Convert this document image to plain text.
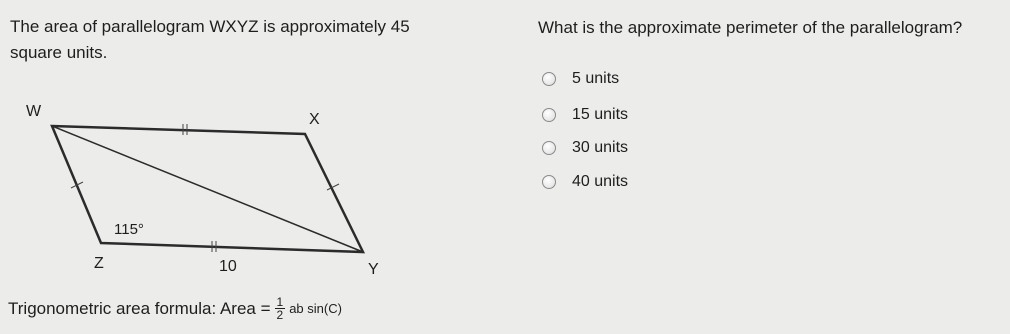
The area of parallelogram WXYZ is approximately 45
square units.
W	X
Y
Z
115°
10
What is the approximate perimeter of the parallelogram?
5 units
15 units
30 units
40 units
Trigonometric area formula: Area = $\frac{1}{2}$ ab sin(C)
